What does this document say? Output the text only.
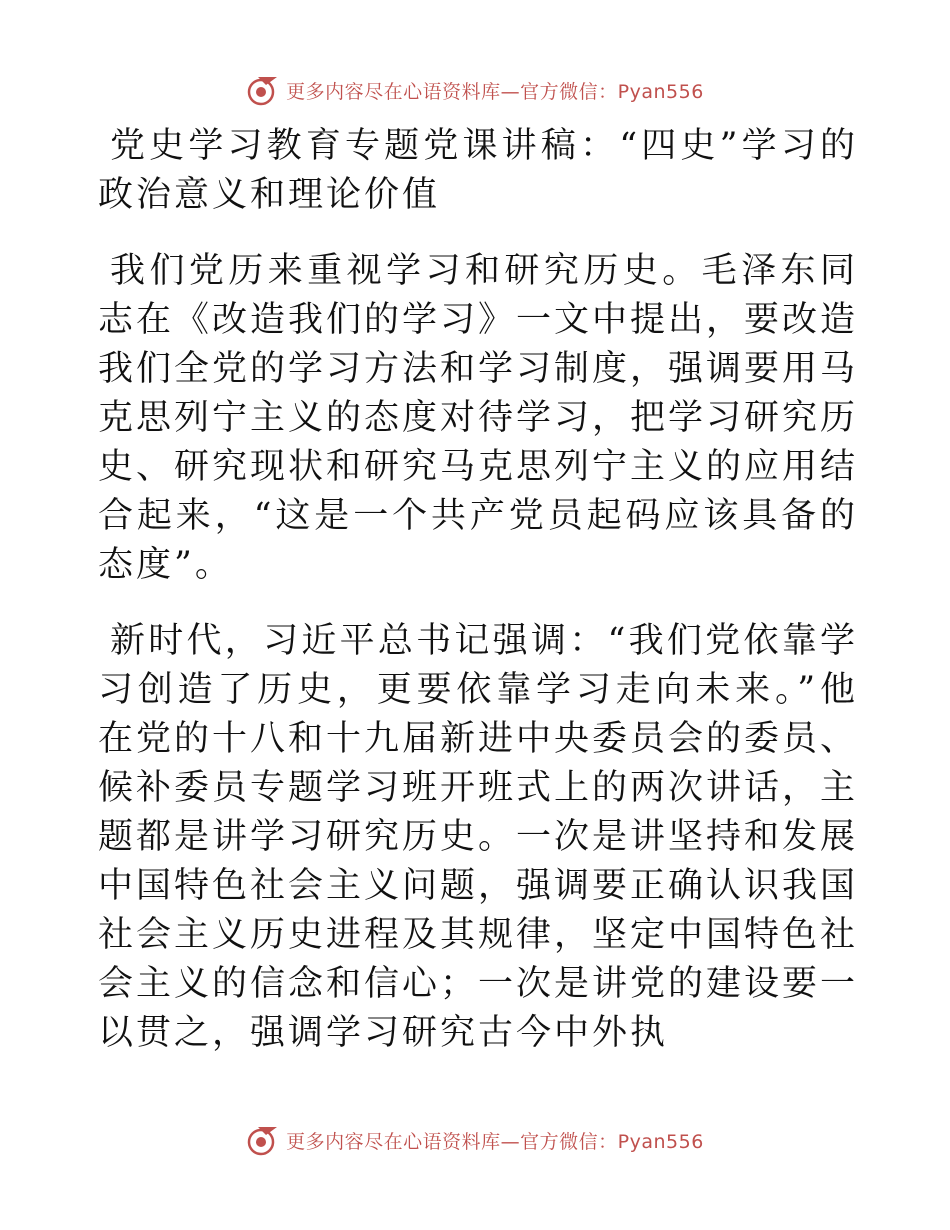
更多内容尽在心语资料库—官方微信：Pyan556

党史学习教育专题党课讲稿：“四史”学习的政治意义和理论价值

我们党历来重视学习和研究历史。毛泽东同志在《改造我们的学习》一文中提出，要改造我们全党的学习方法和学习制度，强调要用马克思列宁主义的态度对待学习，把学习研究历史、研究现状和研究马克思列宁主义的应用结合起来，“这是一个共产党员起码应该具备的态度”。

新时代，习近平总书记强调：“我们党依靠学习创造了历史，更要依靠学习走向未来。”他在党的十八和十九届新进中央委员会的委员、候补委员专题学习班开班式上的两次讲话，主题都是讲学习研究历史。一次是讲坚持和发展中国特色社会主义问题，强调要正确认识我国社会主义历史进程及其规律，坚定中国特色社会主义的信念和信心；一次是讲党的建设要一以贯之，强调学习研究古今中外执

更多内容尽在心语资料库—官方微信：Pyan556
